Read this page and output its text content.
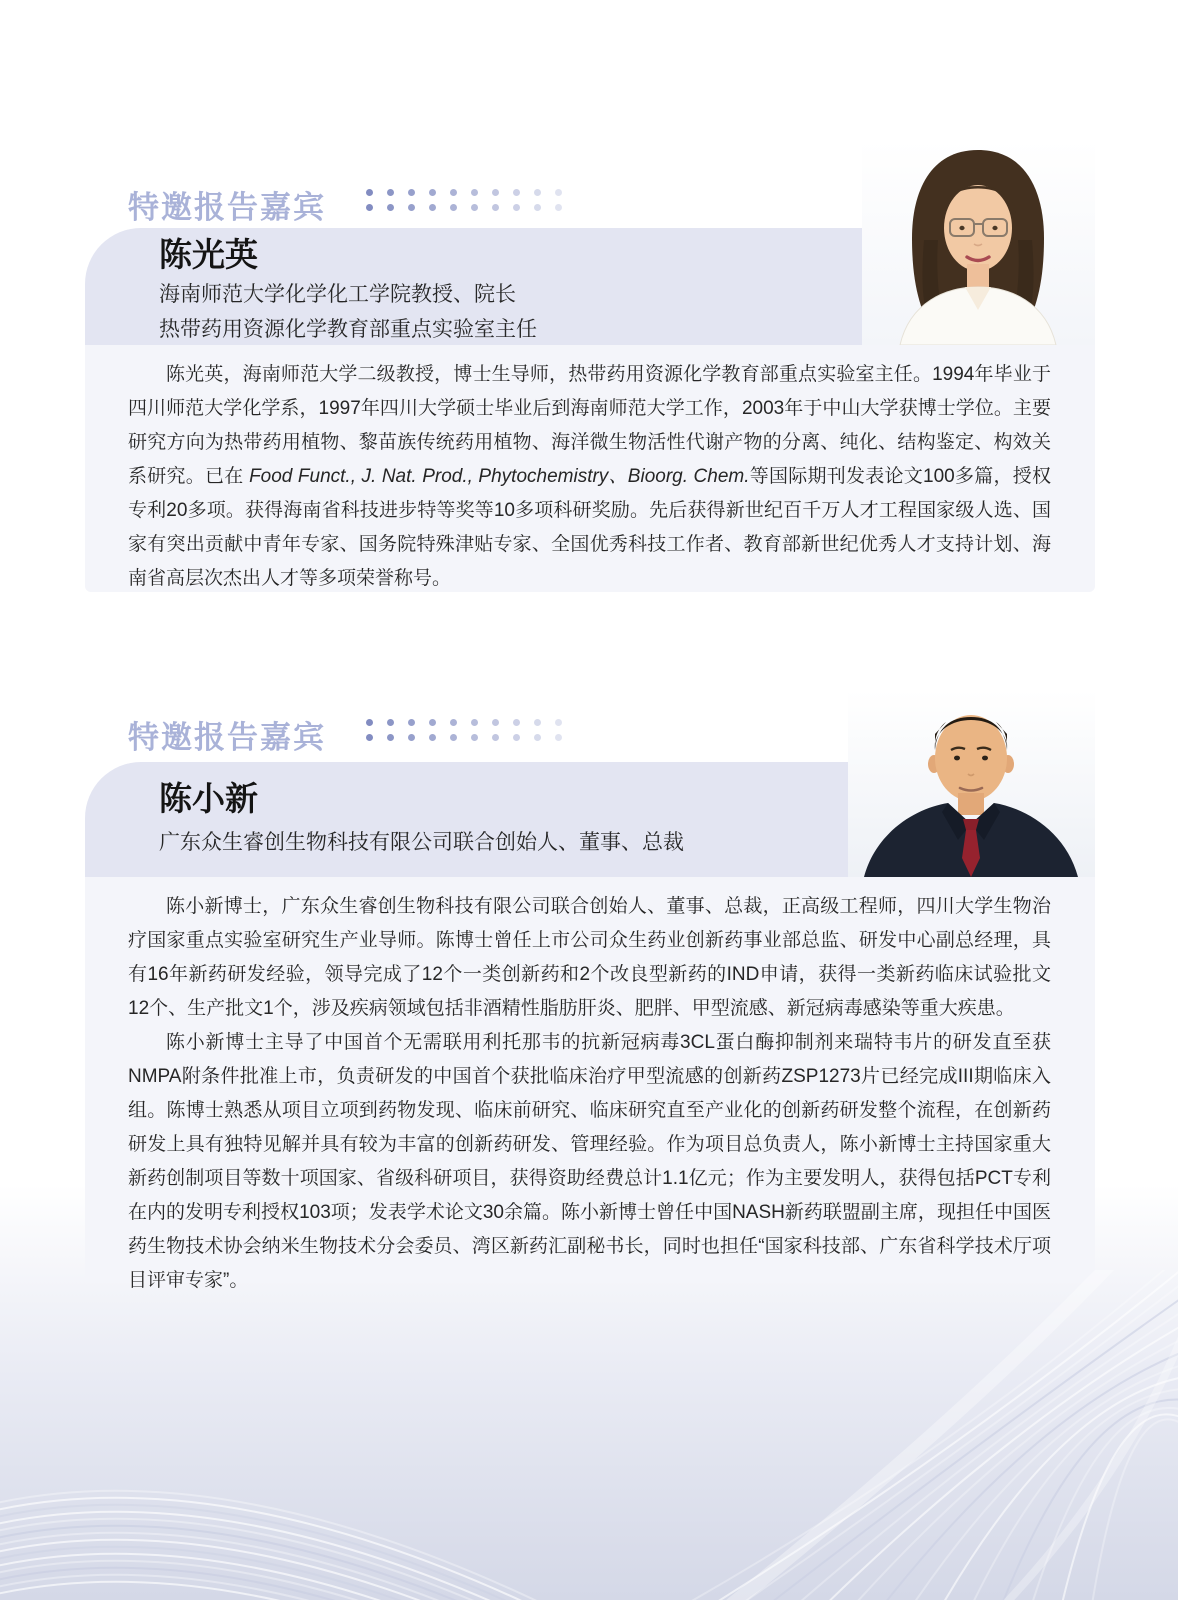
特邀报告嘉宾
陈光英
海南师范大学化学化工学院教授、院长
热带药用资源化学教育部重点实验室主任

陈光英，海南师范大学二级教授，博士生导师，热带药用资源化学教育部重点实验室主任。1994年毕业于四川师范大学化学系，1997年四川大学硕士毕业后到海南师范大学工作，2003年于中山大学获博士学位。主要研究方向为热带药用植物、黎苗族传统药用植物、海洋微生物活性代谢产物的分离、纯化、结构鉴定、构效关系研究。已在 Food Funct., J. Nat. Prod., Phytochemistry、Bioorg. Chem.等国际期刊发表论文100多篇，授权专利20多项。获得海南省科技进步特等奖等10多项科研奖励。先后获得新世纪百千万人才工程国家级人选、国家有突出贡献中青年专家、国务院特殊津贴专家、全国优秀科技工作者、教育部新世纪优秀人才支持计划、海南省高层次杰出人才等多项荣誉称号。

特邀报告嘉宾
陈小新
广东众生睿创生物科技有限公司联合创始人、董事、总裁

陈小新博士，广东众生睿创生物科技有限公司联合创始人、董事、总裁，正高级工程师，四川大学生物治疗国家重点实验室研究生产业导师。陈博士曾任上市公司众生药业创新药事业部总监、研发中心副总经理，具有16年新药研发经验，领导完成了12个一类创新药和2个改良型新药的IND申请，获得一类新药临床试验批文12个、生产批文1个，涉及疾病领域包括非酒精性脂肪肝炎、肥胖、甲型流感、新冠病毒感染等重大疾患。

陈小新博士主导了中国首个无需联用利托那韦的抗新冠病毒3CL蛋白酶抑制剂来瑞特韦片的研发直至获NMPA附条件批准上市，负责研发的中国首个获批临床治疗甲型流感的创新药ZSP1273片已经完成III期临床入组。陈博士熟悉从项目立项到药物发现、临床前研究、临床研究直至产业化的创新药研发整个流程，在创新药研发上具有独特见解并具有较为丰富的创新药研发、管理经验。作为项目总负责人，陈小新博士主持国家重大新药创制项目等数十项国家、省级科研项目，获得资助经费总计1.1亿元；作为主要发明人，获得包括PCT专利在内的发明专利授权103项；发表学术论文30余篇。陈小新博士曾任中国NASH新药联盟副主席，现担任中国医药生物技术协会纳米生物技术分会委员、湾区新药汇副秘书长，同时也担任“国家科技部、广东省科学技术厅项目评审专家”。
